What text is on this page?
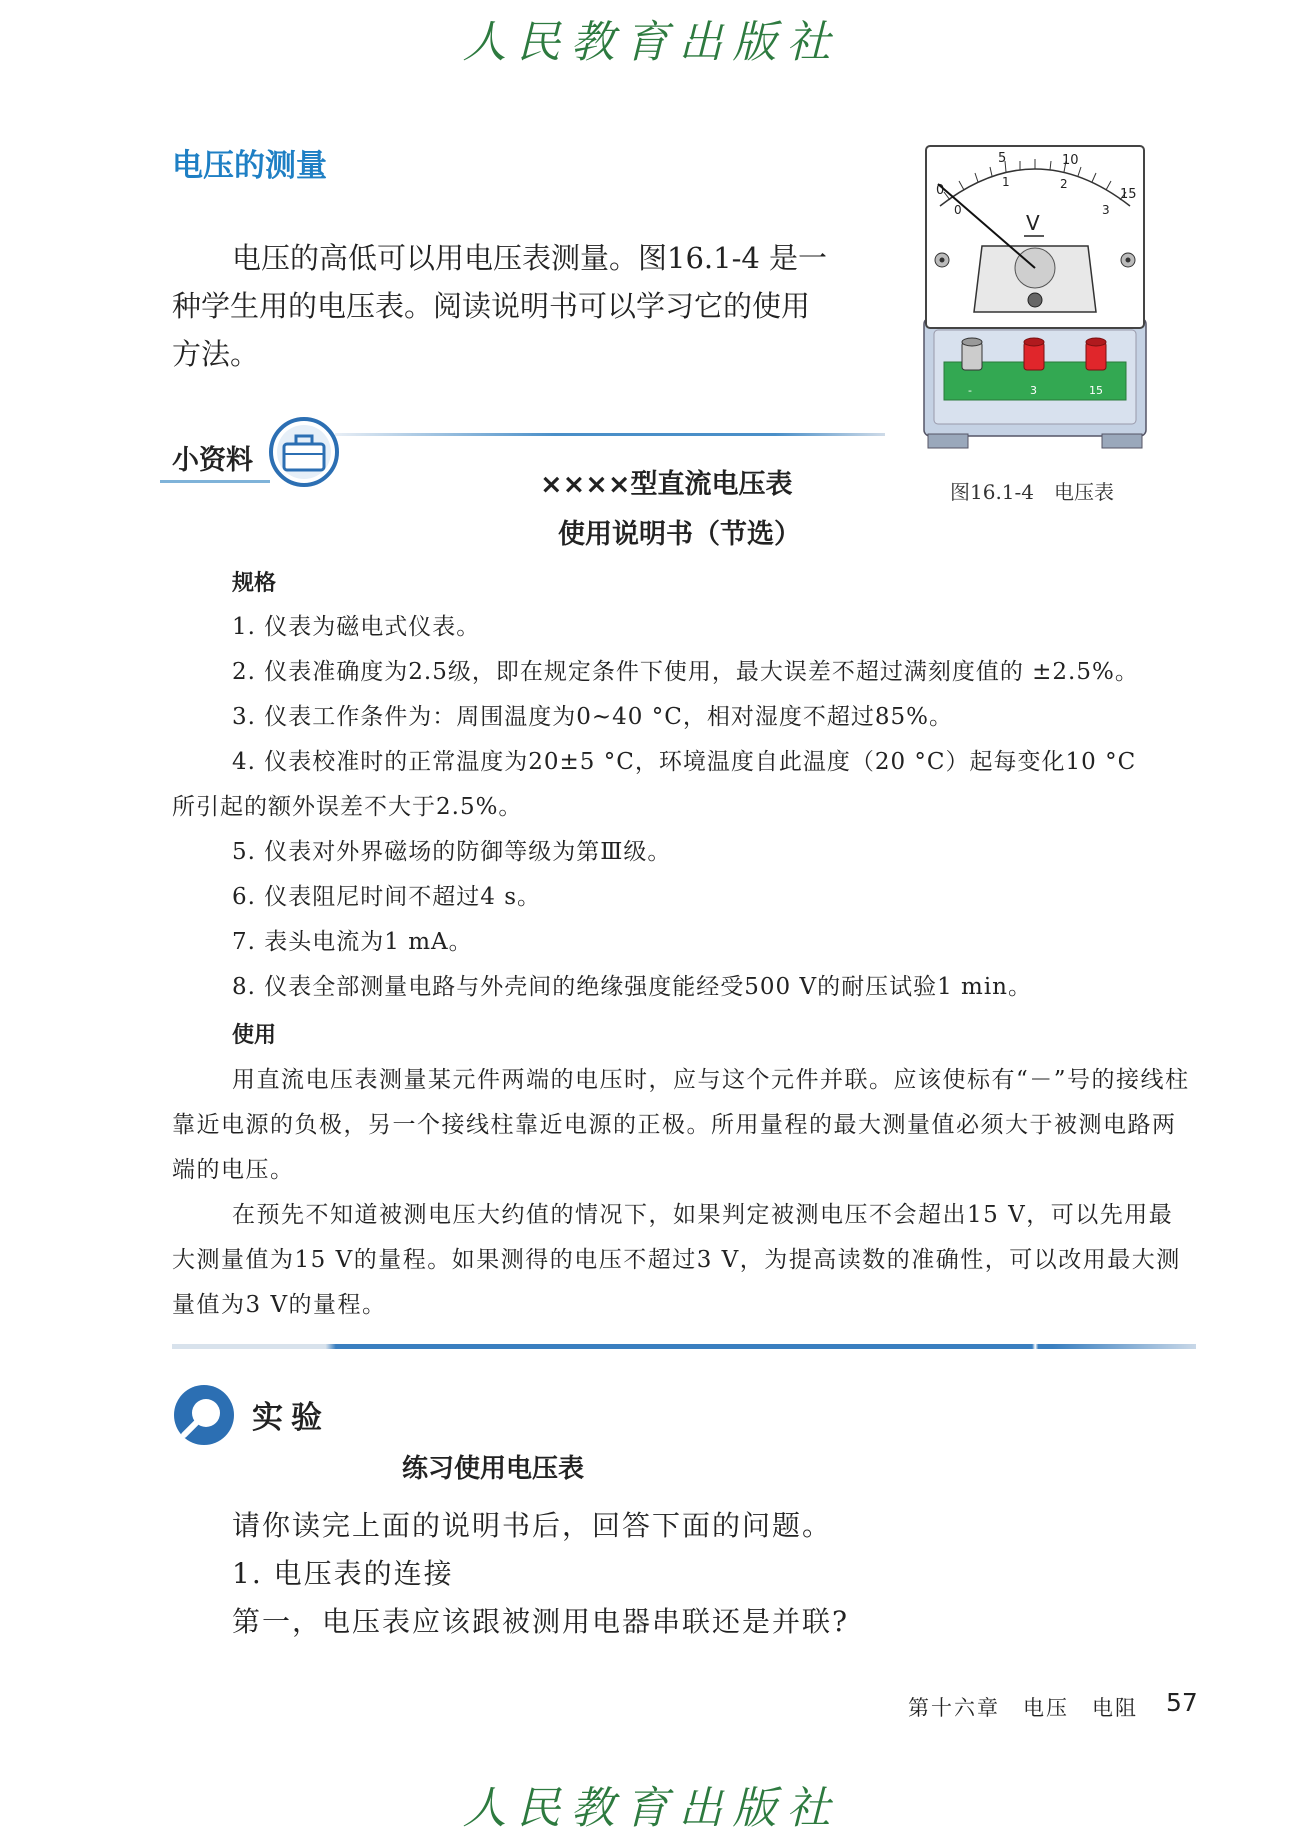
人民教育出版社
电压的测量
电压的高低可以用电压表测量。图16.1-4 是一
种学生用的电压表。阅读说明书可以学习它的使用
方法。
0
5	10
15
0
1	2
3
V
-	3	15
图16.1-4　电压表
小资料
××××型直流电压表
使用说明书（节选）
规格
1. 仪表为磁电式仪表。
2. 仪表准确度为2.5级，即在规定条件下使用，最大误差不超过满刻度值的 ±2.5%。
3. 仪表工作条件为：周围温度为0~40 °C，相对湿度不超过85%。
4. 仪表校准时的正常温度为20±5 °C，环境温度自此温度（20 °C）起每变化10 °C
所引起的额外误差不大于2.5%。
5. 仪表对外界磁场的防御等级为第Ⅲ级。
6. 仪表阻尼时间不超过4 s。
7. 表头电流为1 mA。
8. 仪表全部测量电路与外壳间的绝缘强度能经受500 V的耐压试验1 min。
使用
用直流电压表测量某元件两端的电压时，应与这个元件并联。应该使标有“－”号的接线柱靠近电源的负极，另一个接线柱靠近电源的正极。所用量程的最大测量值必须大于被测电路两端的电压。
在预先不知道被测电压大约值的情况下，如果判定被测电压不会超出15 V，可以先用最大测量值为15 V的量程。如果测得的电压不超过3 V，为提高读数的准确性，可以改用最大测量值为3 V的量程。
实验
练习使用电压表
请你读完上面的说明书后，回答下面的问题。
1. 电压表的连接
第一，电压表应该跟被测用电器串联还是并联?
第十六章　电压　电阻 57
人民教育出版社
